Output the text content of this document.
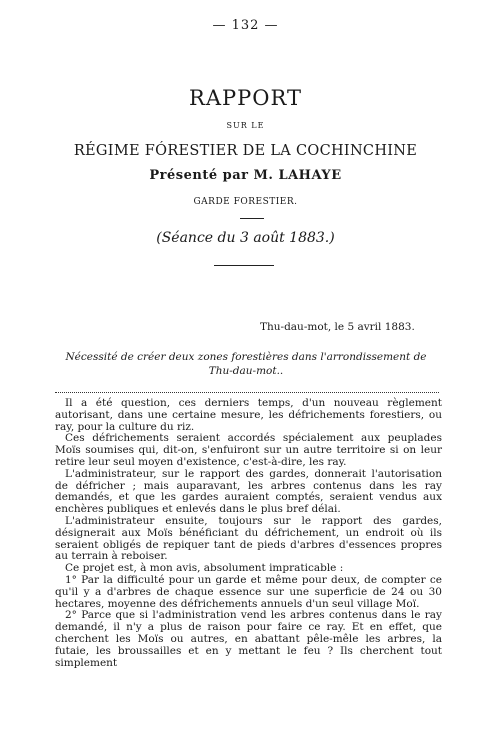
— 132 —
RAPPORT
SUR LE
RÉGIME FÓRESTIER DE LA COCHINCHINE
Présenté par M. LAHAYE
GARDE FORESTIER.
(Séance du 3 août 1883.)
Thu-dau-mot, le 5 avril 1883.
Nécessité de créer deux zones forestières dans l'arrondissement de Thu-dau-mot..

Il a été question, ces derniers temps, d'un nouveau règlement autorisant, dans une certaine mesure, les défrichements forestiers, ou ray, pour la culture du riz.

Ces défrichements seraient accordés spécialement aux peuplades Moïs soumises qui, dit-on, s'enfuiront sur un autre territoire si on leur retire leur seul moyen d'existence, c'est-à-dire, les ray.

L'administrateur, sur le rapport des gardes, donnerait l'autorisation de défricher ; mais auparavant, les arbres contenus dans les ray demandés, et que les gardes auraient comptés, seraient vendus aux enchères publiques et enlevés dans le plus bref délai.

L'administrateur ensuite, toujours sur le rapport des gardes, désignerait aux Moïs bénéficiant du défrichement, un endroit où ils seraient obligés de repiquer tant de pieds d'arbres d'essences propres au terrain à reboiser.

Ce projet est, à mon avis, absolument impraticable :

1° Par la difficulté pour un garde et même pour deux, de compter ce qu'il y a d'arbres de chaque essence sur une superficie de 24 ou 30 hectares, moyenne des défrichements annuels d'un seul village Moï.

2° Parce que si l'administration vend les arbres contenus dans le ray demandé, il n'y a plus de raison pour faire ce ray. Et en effet, que cherchent les Moïs ou autres, en abattant pêle-mêle les arbres, la futaie, les broussailles et en y mettant le feu ? Ils cherchent tout simplement
